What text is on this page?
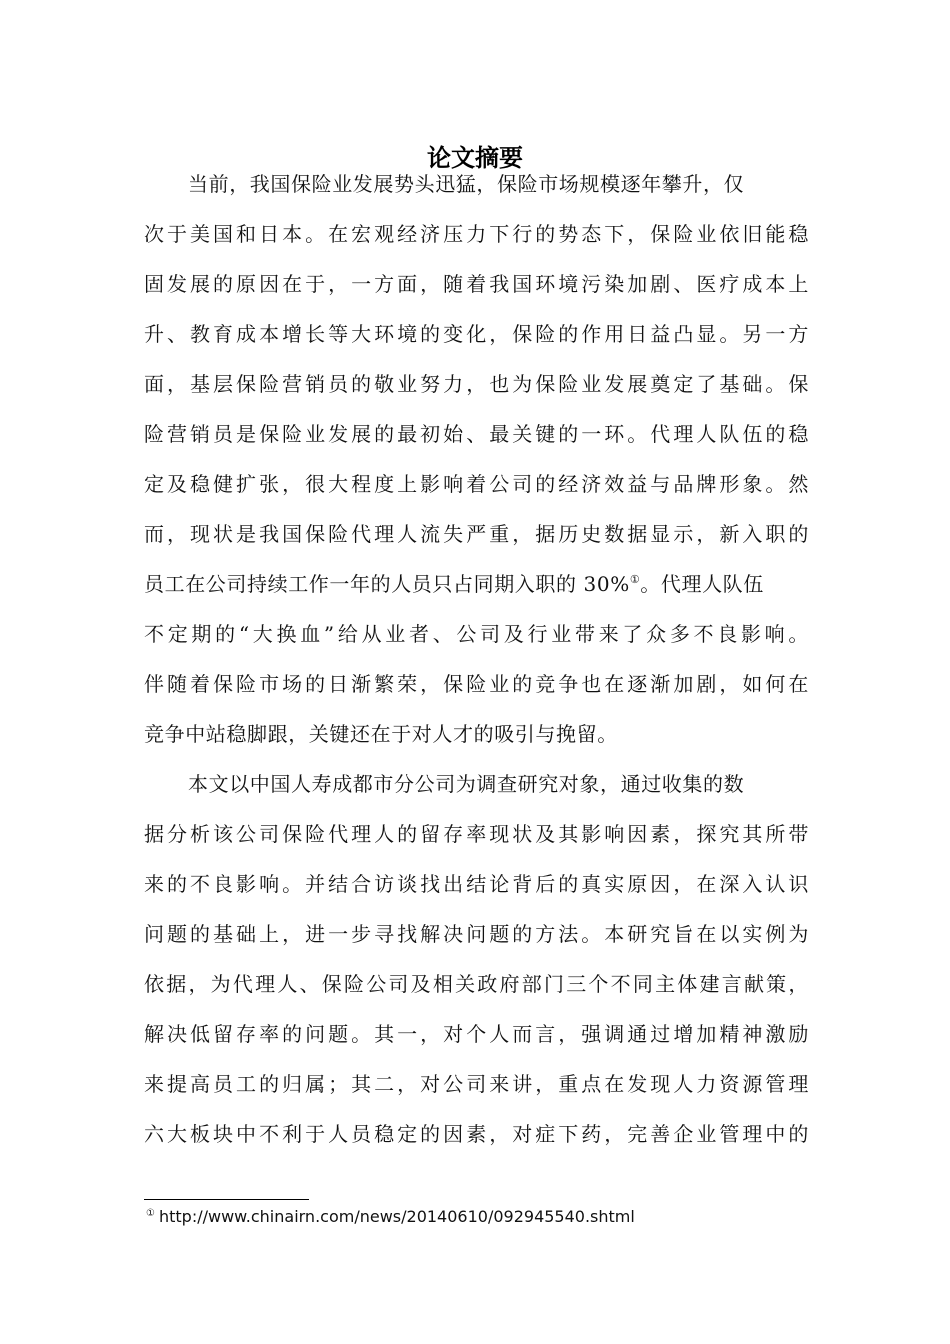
论文摘要
当前，我国保险业发展势头迅猛，保险市场规模逐年攀升，仅
次于美国和日本。在宏观经济压力下行的势态下，保险业依旧能稳
固发展的原因在于，一方面，随着我国环境污染加剧、医疗成本上
升、教育成本增长等大环境的变化，保险的作用日益凸显。另一方
面，基层保险营销员的敬业努力，也为保险业发展奠定了基础。保
险营销员是保险业发展的最初始、最关键的一环。代理人队伍的稳
定及稳健扩张，很大程度上影响着公司的经济效益与品牌形象。然
而，现状是我国保险代理人流失严重，据历史数据显示，新入职的
员工在公司持续工作一年的人员只占同期入职的 30%①。代理人队伍
不定期的“大换血”给从业者、公司及行业带来了众多不良影响。
伴随着保险市场的日渐繁荣，保险业的竞争也在逐渐加剧，如何在
竞争中站稳脚跟，关键还在于对人才的吸引与挽留。
本文以中国人寿成都市分公司为调查研究对象，通过收集的数
据分析该公司保险代理人的留存率现状及其影响因素，探究其所带
来的不良影响。并结合访谈找出结论背后的真实原因，在深入认识
问题的基础上，进一步寻找解决问题的方法。本研究旨在以实例为
依据，为代理人、保险公司及相关政府部门三个不同主体建言献策，
解决低留存率的问题。其一，对个人而言，强调通过增加精神激励
来提高员工的归属；其二，对公司来讲，重点在发现人力资源管理
六大板块中不利于人员稳定的因素，对症下药，完善企业管理中的
① http://www.chinairn.com/news/20140610/092945540.shtml
